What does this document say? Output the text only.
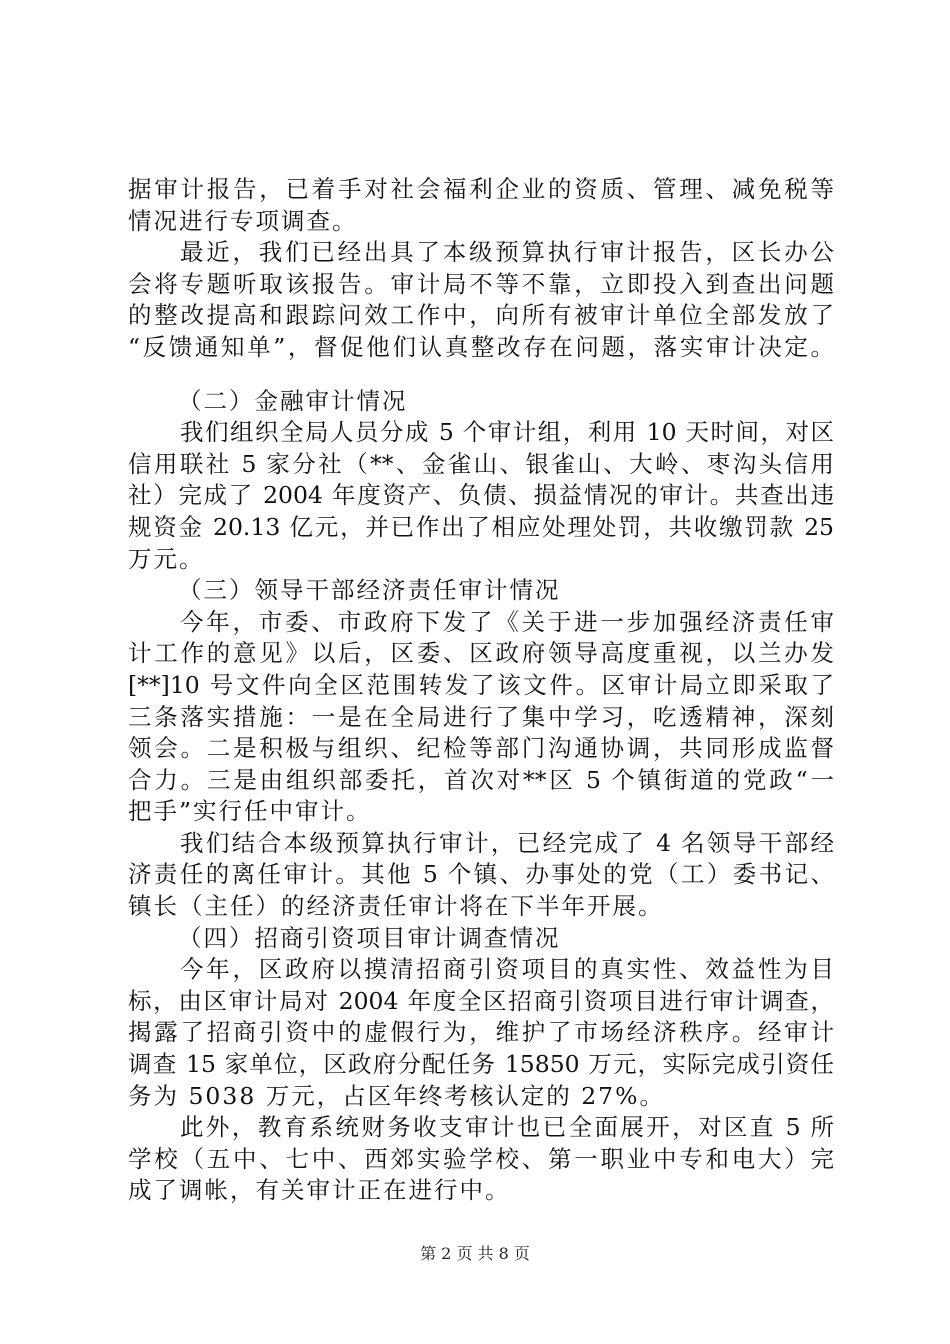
据审计报告，已着手对社会福利企业的资质、管理、减免税等
情况进行专项调查。
最近，我们已经出具了本级预算执行审计报告，区长办公
会将专题听取该报告。审计局不等不靠，立即投入到查出问题
的整改提高和跟踪问效工作中，向所有被审计单位全部发放了
“反馈通知单”，督促他们认真整改存在问题，落实审计决定。
（二）金融审计情况
我们组织全局人员分成 5 个审计组，利用 10 天时间，对区
信用联社 5 家分社（**、金雀山、银雀山、大岭、枣沟头信用
社）完成了 2004 年度资产、负债、损益情况的审计。共查出违
规资金 20.13 亿元，并已作出了相应处理处罚，共收缴罚款 25
万元。
（三）领导干部经济责任审计情况
今年，市委、市政府下发了《关于进一步加强经济责任审
计工作的意见》以后，区委、区政府领导高度重视，以兰办发
[**]10 号文件向全区范围转发了该文件。区审计局立即采取了
三条落实措施：一是在全局进行了集中学习，吃透精神，深刻
领会。二是积极与组织、纪检等部门沟通协调，共同形成监督
合力。三是由组织部委托，首次对**区 5 个镇街道的党政“一
把手”实行任中审计。
我们结合本级预算执行审计，已经完成了 4 名领导干部经
济责任的离任审计。其他 5 个镇、办事处的党（工）委书记、
镇长（主任）的经济责任审计将在下半年开展。
（四）招商引资项目审计调查情况
今年，区政府以摸清招商引资项目的真实性、效益性为目
标，由区审计局对 2004 年度全区招商引资项目进行审计调查，
揭露了招商引资中的虚假行为，维护了市场经济秩序。经审计
调查 15 家单位，区政府分配任务 15850 万元，实际完成引资任
务为 5038 万元，占区年终考核认定的 27%。
此外，教育系统财务收支审计也已全面展开，对区直 5 所
学校（五中、七中、西郊实验学校、第一职业中专和电大）完
成了调帐，有关审计正在进行中。
第 2 页 共 8 页
